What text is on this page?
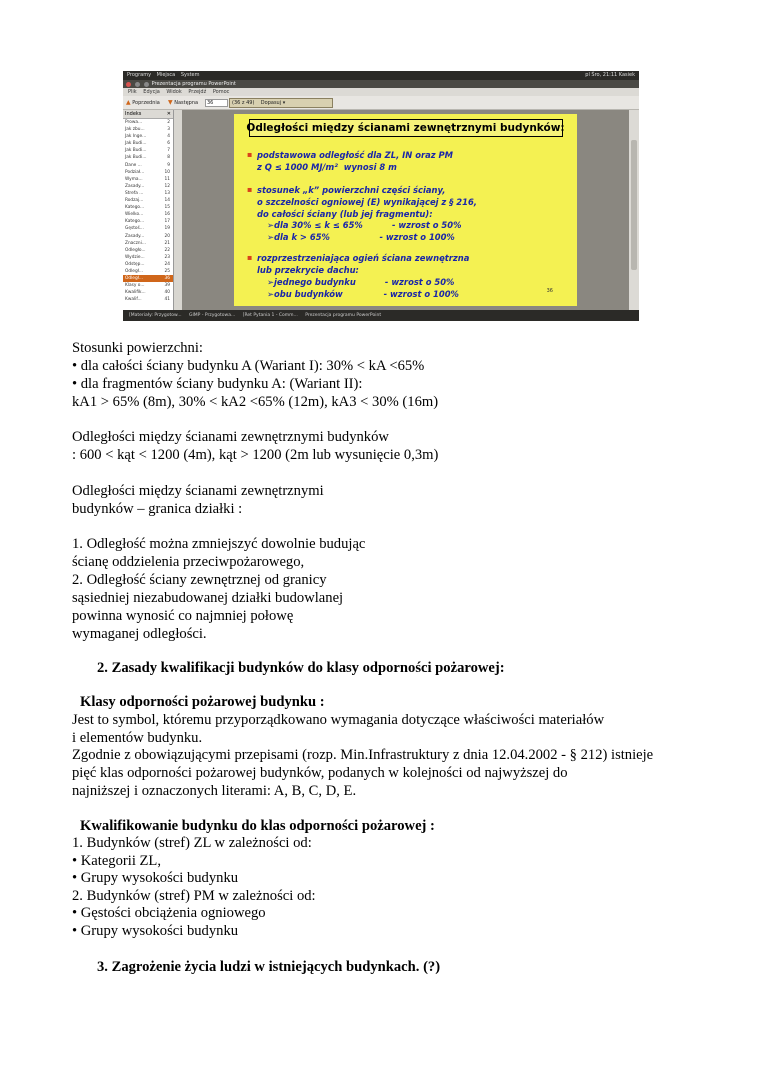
Programy Miejsca System	pl Śro, 21:11 Kasiek
Prezentacja programu PowerPoint
Plik Edycja Widok Przejdź Pomoc
▲ Poprzednia ▼ Następna	36	(36 z 49) Dopasuj ▾
Indeks	✕
Prowa...	2
Jak zbu...	3
Jak Inge...	4
Jak Budi...	6
Jak Budi...	7
Jak Budi...	8
Dane ...	9
Podział...	10
Wyma...	11
Zasady...	12
Strefa ...	13
Rodzaj...	14
Katego...	15
Wielko...	16
Katego...	17
Gęstoś...	19
Zasady...	20
Znaczni...	21
Odległo...	22
Wydzie...	23
Odstęp...	24
Odległ...	25
Odległ...	36
Klasy o...	39
Kwalifik...	40
Kwalif...	41
Odległości między ścianami zewnętrznymi budynków:
▪ podstawowa odległość dla ZL, IN oraz PM
z Q ≤ 1000 MJ/m²  wynosi 8 m
▪ stosunek „k” powierzchni części ściany,
o szczelności ogniowej (E) wynikającej z § 216,
do całości ściany (lub jej fragmentu):
➢dla 30% ≤ k ≤ 65%          - wzrost o 50%
➢dla k > 65%                 - wzrost o 100%
▪ rozprzestrzeniająca ogień ściana zewnętrzna
lub przekrycie dachu:
➢jednego budynku          - wzrost o 50%
➢obu budynków              - wzrost o 100%	36
[Materiały: Przygotow... GIMP - Przygotowa... [Ret Pytania 1 - Comm... Prezentacja programu PowerPoint
Stosunki powierzchni:
• dla całości ściany budynku A (Wariant I): 30% < kA <65%
• dla fragmentów ściany budynku A: (Wariant II):
kA1 > 65% (8m), 30% < kA2 <65% (12m), kA3 < 30% (16m)
Odległości między ścianami zewnętrznymi budynków
: 600 < kąt < 1200 (4m), kąt > 1200 (2m lub wysunięcie 0,3m)
Odległości między ścianami zewnętrznymi
budynków – granica działki :
1. Odległość można zmniejszyć dowolnie budując
ścianę oddzielenia przeciwpożarowego,
2. Odległość ściany zewnętrznej od granicy
sąsiedniej niezabudowanej działki budowlanej
powinna wynosić co najmniej połowę
wymaganej odległości.
2. Zasady kwalifikacji budynków do klasy odporności pożarowej:
Klasy odporności pożarowej budynku :
Jest to symbol, któremu przyporządkowano wymagania dotyczące właściwości materiałów
i elementów budynku.
Zgodnie z obowiązującymi przepisami (rozp. Min.Infrastruktury z dnia 12.04.2002 - § 212) istnieje
pięć klas odporności pożarowej budynków, podanych w kolejności od najwyższej do
najniższej i oznaczonych literami: A, B, C, D, E.
Kwalifikowanie budynku do klas odporności pożarowej :
1. Budynków (stref) ZL w zależności od:
• Kategorii ZL,
• Grupy wysokości budynku
2. Budynków (stref) PM w zależności od:
• Gęstości obciążenia ogniowego
• Grupy wysokości budynku
3. Zagrożenie życia ludzi w istniejących budynkach. (?)
